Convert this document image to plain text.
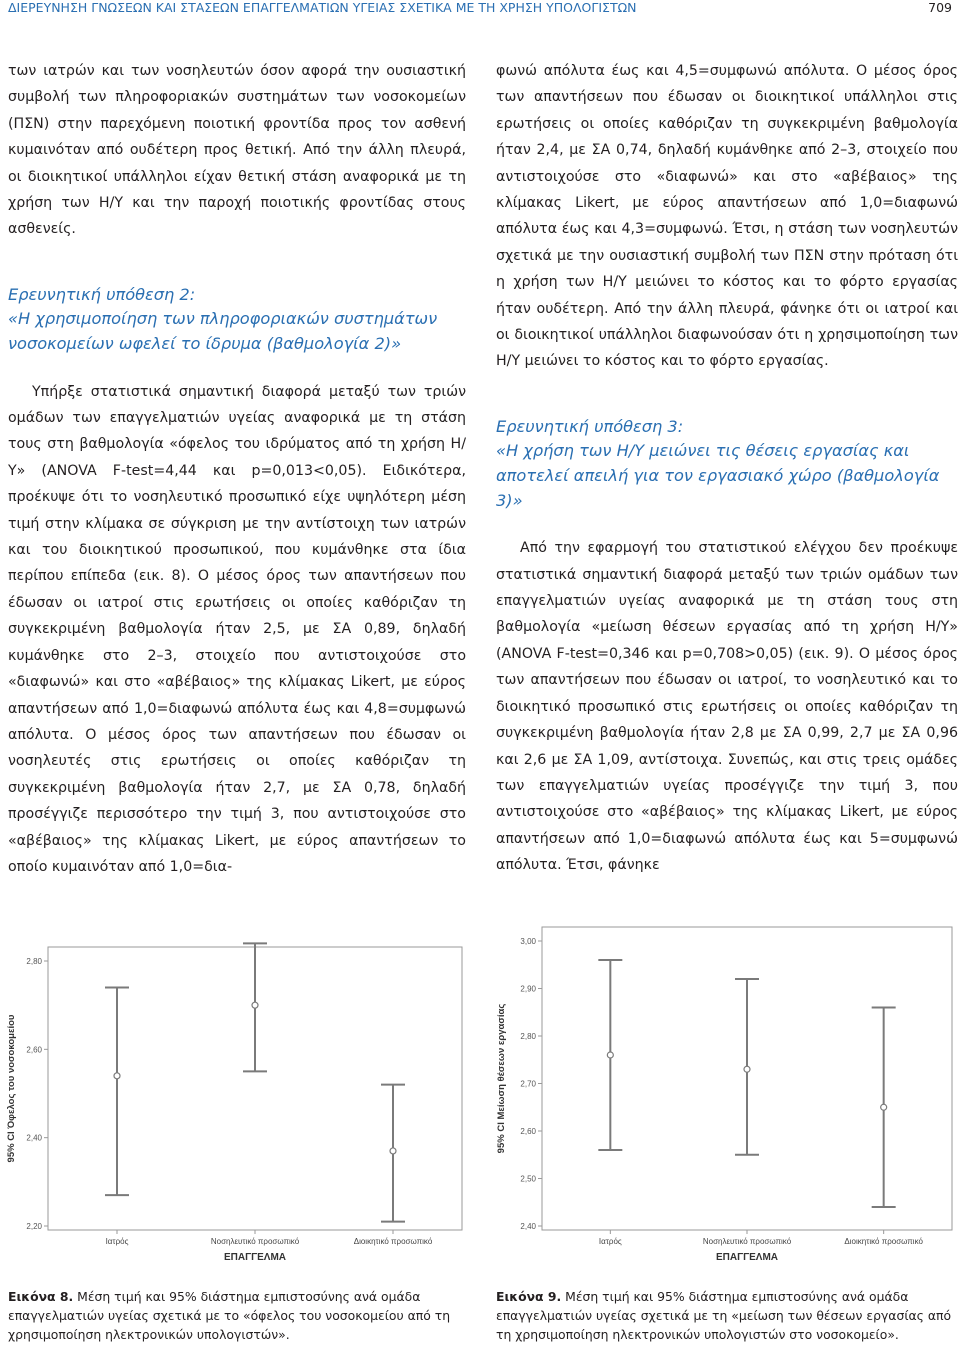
ΔΙΕΡΕΥΝΗΣΗ ΓΝΩΣΕΩΝ ΚΑΙ ΣΤΑΣΕΩΝ ΕΠΑΓΓΕΛΜΑΤΙΩΝ ΥΓΕΙΑΣ ΣΧΕΤΙΚΑ ΜΕ ΤΗ ΧΡΗΣΗ ΥΠΟΛΟΓΙΣΤΩΝ	709

των ιατρών και των νοσηλευτών όσον αφορά την ουσιαστική συμβολή των πληροφοριακών συστημάτων των νοσοκομείων (ΠΣΝ) στην παρεχόμενη ποιοτική φροντίδα προς τον ασθενή κυμαινόταν από ουδέτερη προς θετική. Από την άλλη πλευρά, οι διοικητικοί υπάλληλοι είχαν θετική στάση αναφορικά με τη χρήση των Η/Υ και την παροχή ποιοτικής φροντίδας στους ασθενείς.

Ερευνητική υπόθεση 2:
«Η χρησιμοποίηση των πληροφοριακών συστημάτων
νοσοκομείων ωφελεί το ίδρυμα (βαθμολογία 2)»

Υπήρξε στατιστικά σημαντική διαφορά μεταξύ των τριών ομάδων των επαγγελματιών υγείας αναφορικά με τη στάση τους στη βαθμολογία «όφελος του ιδρύματος από τη χρήση Η/Υ» (ANOVA F-test=4,44 και p=0,013<0,05). Ειδικότερα, προέκυψε ότι το νοσηλευτικό προσωπικό είχε υψηλότερη μέση τιμή στην κλίμακα σε σύγκριση με την αντίστοιχη των ιατρών και του διοικητικού προσωπικού, που κυμάνθηκε στα ίδια περίπου επίπεδα (εικ. 8). Ο μέσος όρος των απαντήσεων που έδωσαν οι ιατροί στις ερωτήσεις οι οποίες καθόριζαν τη συγκεκριμένη βαθμολογία ήταν 2,5, με ΣΑ 0,89, δηλαδή κυμάνθηκε στο 2–3, στοιχείο που αντιστοιχούσε στο «διαφωνώ» και στο «αβέβαιος» της κλίμακας Likert, με εύρος απαντήσεων από 1,0=διαφωνώ απόλυτα έως και 4,8=συμφωνώ απόλυτα. Ο μέσος όρος των απαντήσεων που έδωσαν οι νοσηλευτές στις ερωτήσεις οι οποίες καθόριζαν τη συγκεκριμένη βαθμολογία ήταν 2,7, με ΣΑ 0,78, δηλαδή προσέγγιζε περισσότερο την τιμή 3, που αντιστοιχούσε στο «αβέβαιος» της κλίμακας Likert, με εύρος απαντήσεων το οποίο κυμαινόταν από 1,0=δια-

φωνώ απόλυτα έως και 4,5=συμφωνώ απόλυτα. Ο μέσος όρος των απαντήσεων που έδωσαν οι διοικητικοί υπάλληλοι στις ερωτήσεις οι οποίες καθόριζαν τη συγκεκριμένη βαθμολογία ήταν 2,4, με ΣΑ 0,74, δηλαδή κυμάνθηκε από 2–3, στοιχείο που αντιστοιχούσε στο «διαφωνώ» και στο «αβέβαιος» της κλίμακας Likert, με εύρος απαντήσεων από 1,0=διαφωνώ απόλυτα έως και 4,3=συμφωνώ. Έτσι, η στάση των νοσηλευτών σχετικά με την ουσιαστική συμβολή των ΠΣΝ στην πρόταση ότι η χρήση των Η/Υ μειώνει το κόστος και το φόρτο εργασίας ήταν ουδέτερη. Από την άλλη πλευρά, φάνηκε ότι οι ιατροί και οι διοικητικοί υπάλληλοι διαφωνούσαν ότι η χρησιμοποίηση των Η/Υ μειώνει το κόστος και το φόρτο εργασίας.

Ερευνητική υπόθεση 3:
«Η χρήση των Η/Υ μειώνει τις θέσεις εργασίας και
αποτελεί απειλή για τον εργασιακό χώρο (βαθμολογία 3)»

Από την εφαρμογή του στατιστικού ελέγχου δεν προέκυψε στατιστικά σημαντική διαφορά μεταξύ των τριών ομάδων των επαγγελματιών υγείας αναφορικά με τη στάση τους στη βαθμολογία «μείωση θέσεων εργασίας από τη χρήση Η/Υ» (ANOVA F-test=0,346 και p=0,708>0,05) (εικ. 9). Ο μέσος όρος των απαντήσεων που έδωσαν οι ιατροί, το νοσηλευτικό και το διοικητικό προσωπικό στις ερωτήσεις οι οποίες καθόριζαν τη συγκεκριμένη βαθμολογία ήταν 2,8 με ΣΑ 0,99, 2,7 με ΣΑ 0,96 και 2,6 με ΣΑ 1,09, αντίστοιχα. Συνεπώς, και στις τρεις ομάδες των επαγγελματιών υγείας προσέγγιζε την τιμή 3, που αντιστοιχούσε στο «αβέβαιος» της κλίμακας Likert, με εύρος απαντήσεων από 1,0=διαφωνώ απόλυτα έως και 5=συμφωνώ απόλυτα. Έτσι, φάνηκε

2,20
2,40
2,60
2,80
95% CI Όφελος του νοσοκομείου
Ιατρός	Νοσηλευτικό προσωπικό	Διοικητικό προσωπικό
ΕΠΑΓΓΕΛΜΑ
2,40
2,50
2,60
2,70
2,80
2,90
3,00
95% CI Μείωση θέσεων εργασίας
Ιατρός	Νοσηλευτικό προσωπικό	Διοικητικό προσωπικό
ΕΠΑΓΓΕΛΜΑ
Εικόνα 8. Μέση τιμή και 95% διάστημα εμπιστοσύνης ανά ομάδα επαγγελματιών υγείας σχετικά με το «όφελος του νοσοκομείου από τη χρησιμοποίηση ηλεκτρονικών υπολογιστών».
Εικόνα 9. Μέση τιμή και 95% διάστημα εμπιστοσύνης ανά ομάδα επαγγελματιών υγείας σχετικά με τη «μείωση των θέσεων εργασίας από τη χρησιμοποίηση ηλεκτρονικών υπολογιστών στο νοσοκομείο».
